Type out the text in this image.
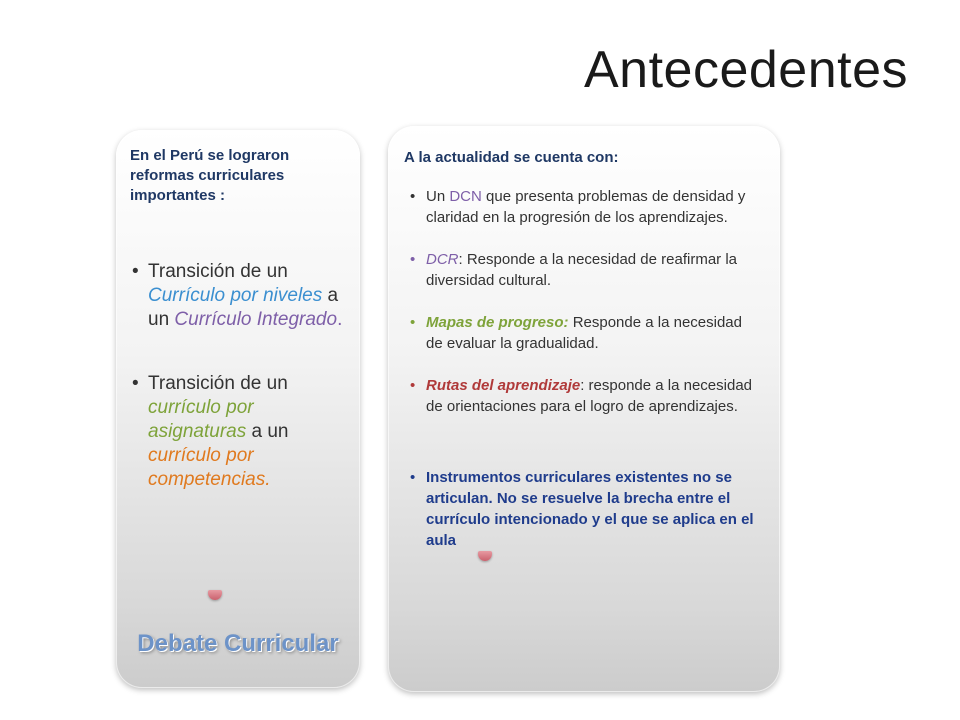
Antecedentes
En el Perú se lograron reformas curriculares importantes :
• Transición de un Currículo por niveles a un Currículo Integrado.
• Transición de un currículo por asignaturas a un currículo por competencias.
Debate Curricular
A la actualidad se cuenta con:
• Un DCN que presenta problemas de densidad y claridad en la progresión de los aprendizajes.
• DCR: Responde a la necesidad de reafirmar la diversidad cultural.
• Mapas de progreso: Responde a la necesidad de evaluar la gradualidad.
• Rutas del aprendizaje: responde a la necesidad de orientaciones para el logro de aprendizajes.
• Instrumentos curriculares existentes no se articulan. No se resuelve la brecha entre el currículo intencionado y el que se aplica en el aula
